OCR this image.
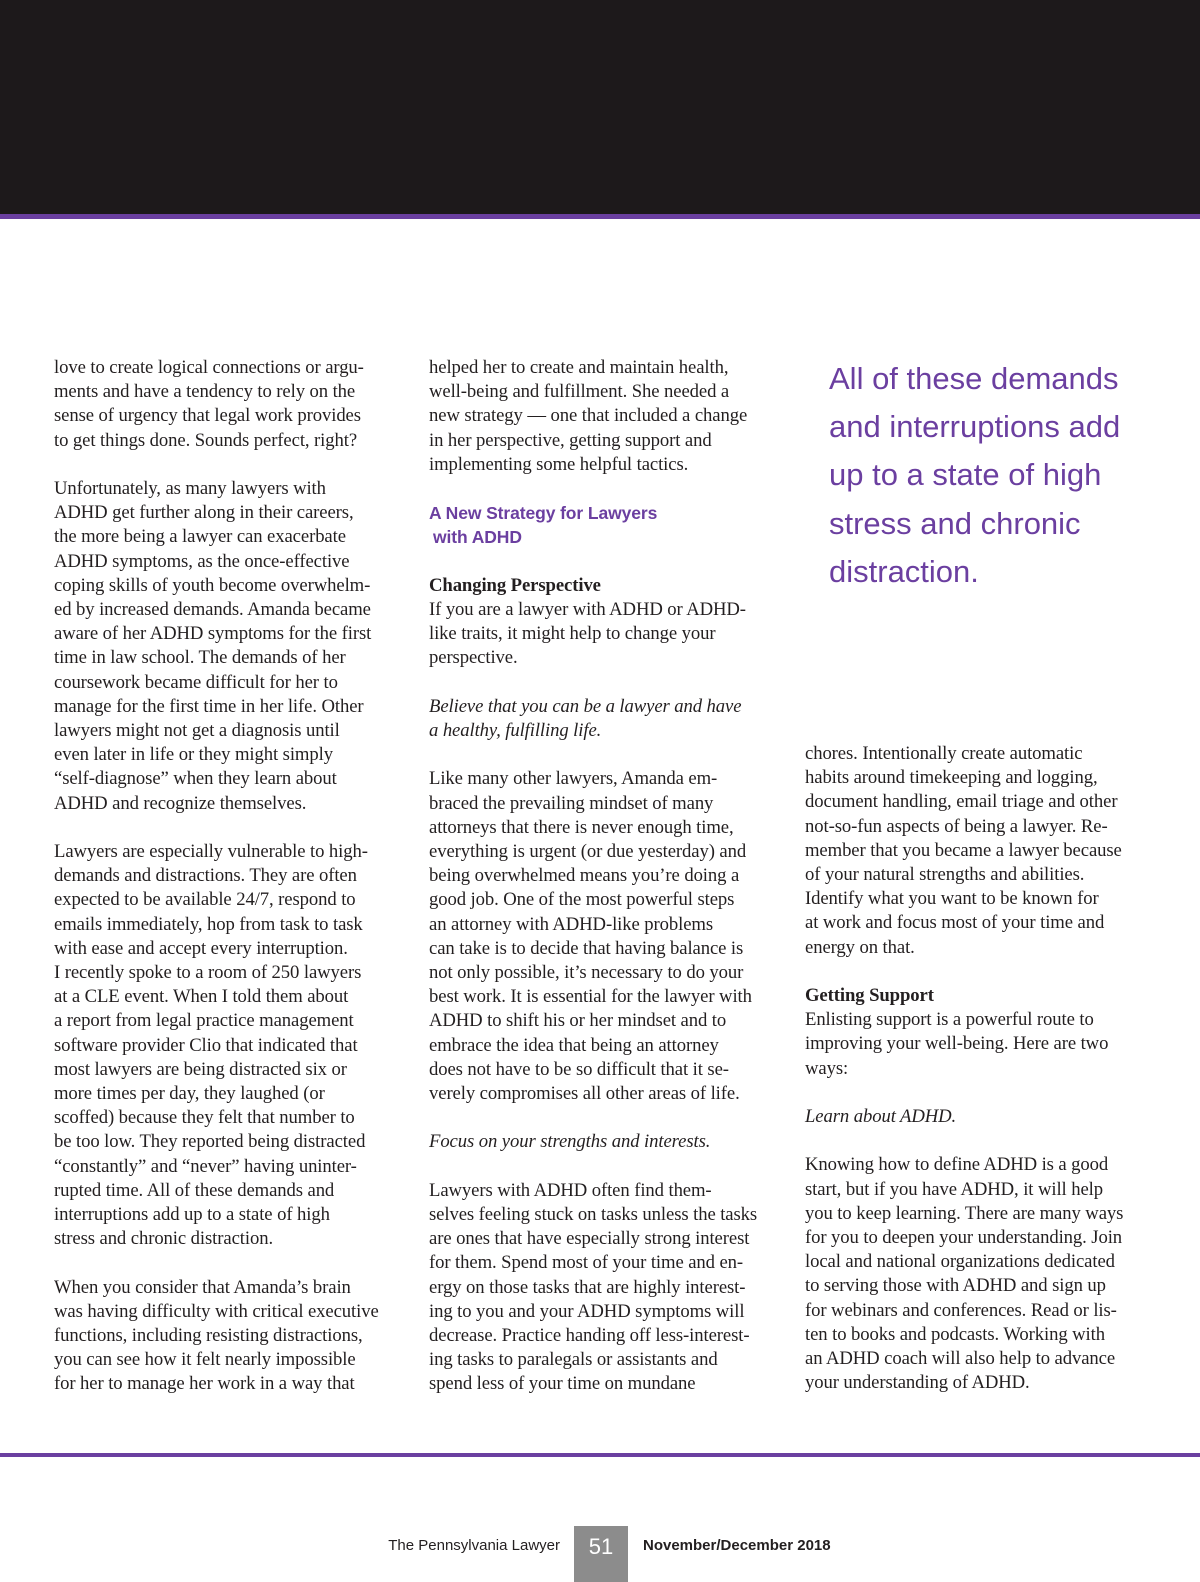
love to create logical connections or argu-
ments and have a tendency to rely on the
sense of urgency that legal work provides
to get things done. Sounds perfect, right?

Unfortunately, as many lawyers with
ADHD get further along in their careers,
the more being a lawyer can exacerbate
ADHD symptoms, as the once-effective
coping skills of youth become overwhelm-
ed by increased demands. Amanda became
aware of her ADHD symptoms for the first
time in law school. The demands of her
coursework became difficult for her to
manage for the first time in her life. Other
lawyers might not get a diagnosis until
even later in life or they might simply
“self-diagnose” when they learn about
ADHD and recognize themselves.

Lawyers are especially vulnerable to high-
demands and distractions. They are often
expected to be available 24/7, respond to
emails immediately, hop from task to task
with ease and accept every interruption.
I recently spoke to a room of 250 lawyers
at a CLE event. When I told them about
a report from legal practice management
software provider Clio that indicated that
most lawyers are being distracted six or
more times per day, they laughed (or
scoffed) because they felt that number to
be too low. They reported being distracted
“constantly” and “never” having uninter-
rupted time. All of these demands and
interruptions add up to a state of high
stress and chronic distraction.

When you consider that Amanda’s brain
was having difficulty with critical executive
functions, including resisting distractions,
you can see how it felt nearly impossible
for her to manage her work in a way that

helped her to create and maintain health,
well-being and fulfillment. She needed a
new strategy — one that included a change
in her perspective, getting support and
implementing some helpful tactics.

A New Strategy for Lawyers
with ADHD

Changing Perspective

If you are a lawyer with ADHD or ADHD-
like traits, it might help to change your
perspective.

Believe that you can be a lawyer and have
a healthy, fulfilling life.

Like many other lawyers, Amanda em-
braced the prevailing mindset of many
attorneys that there is never enough time,
everything is urgent (or due yesterday) and
being overwhelmed means you’re doing a
good job. One of the most powerful steps
an attorney with ADHD-like problems
can take is to decide that having balance is
not only possible, it’s necessary to do your
best work. It is essential for the lawyer with
ADHD to shift his or her mindset and to
embrace the idea that being an attorney
does not have to be so difficult that it se-
verely compromises all other areas of life.

Focus on your strengths and interests.

Lawyers with ADHD often find them-
selves feeling stuck on tasks unless the tasks
are ones that have especially strong interest
for them. Spend most of your time and en-
ergy on those tasks that are highly interest-
ing to you and your ADHD symptoms will
decrease. Practice handing off less-interest-
ing tasks to paralegals or assistants and
spend less of your time on mundane

All of these demands
and interruptions add
up to a state of high
stress and chronic
distraction.

chores. Intentionally create automatic
habits around timekeeping and logging,
document handling, email triage and other
not-so-fun aspects of being a lawyer. Re-
member that you became a lawyer because
of your natural strengths and abilities.
Identify what you want to be known for
at work and focus most of your time and
energy on that.

Getting Support

Enlisting support is a powerful route to
improving your well-being. Here are two
ways:

Learn about ADHD.

Knowing how to define ADHD is a good
start, but if you have ADHD, it will help
you to keep learning. There are many ways
for you to deepen your understanding. Join
local and national organizations dedicated
to serving those with ADHD and sign up
for webinars and conferences. Read or lis-
ten to books and podcasts. Working with
an ADHD coach will also help to advance
your understanding of ADHD.

The Pennsylvania Lawyer	51	November/December 2018
